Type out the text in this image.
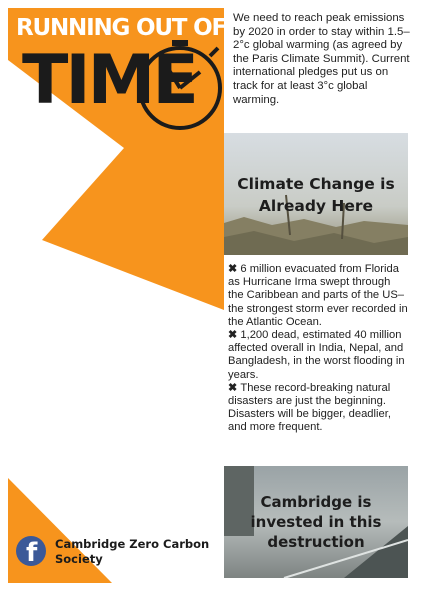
RUNNING OUT OF
TIME
We need to reach peak emissions by 2020 in order to stay within 1.5–2°c global warming (as agreed by the Paris Climate Summit). Current international pledges put us on track for at least 3°c global warming.
Climate Change is Already Here

✖ 6 million evacuated from Florida as Hurricane Irma swept through the Caribbean and parts of the US– the strongest storm ever recorded in the Atlantic Ocean.

✖ 1,200 dead, estimated 40 million affected overall in India, Nepal, and Bangladesh, in the worst flooding in years.

✖ These record-breaking natural disasters are just the beginning. Disasters will be bigger, deadlier, and more frequent.

Cambridge is invested in this destruction
f Cambridge Zero Carbon Society
